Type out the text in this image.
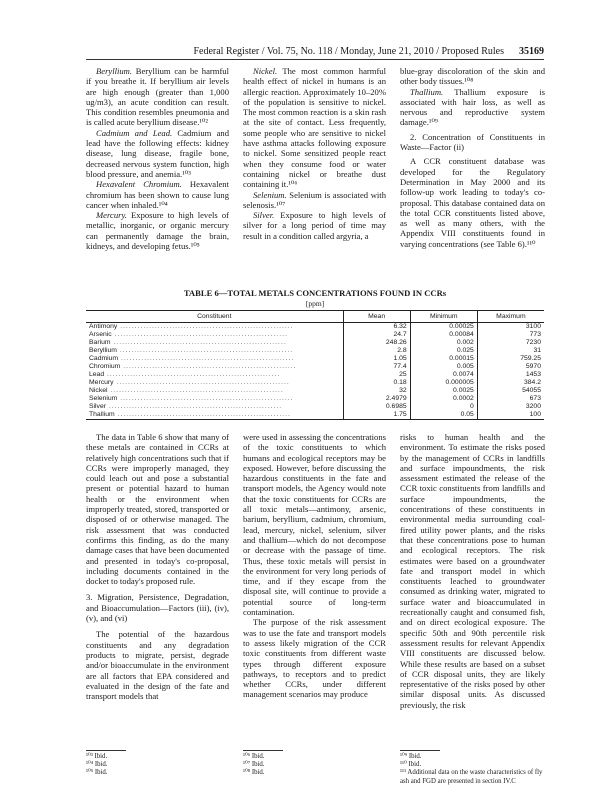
Federal Register / Vol. 75, No. 118 / Monday, June 21, 2010 / Proposed Rules 35169

Beryllium. Beryllium can be harmful if you breathe it. If beryllium air levels are high enough (greater than 1,000 ug/m3), an acute condition can result. This condition resembles pneumonia and is called acute beryllium disease.¹⁰²

Cadmium and Lead. Cadmium and lead have the following effects: kidney disease, lung disease, fragile bone, decreased nervous system function, high blood pressure, and anemia.¹⁰³

Hexavalent Chromium. Hexavalent chromium has been shown to cause lung cancer when inhaled.¹⁰⁴

Mercury. Exposure to high levels of metallic, inorganic, or organic mercury can permanently damage the brain, kidneys, and developing fetus.¹⁰⁵

Nickel. The most common harmful health effect of nickel in humans is an allergic reaction. Approximately 10–20% of the population is sensitive to nickel. The most common reaction is a skin rash at the site of contact. Less frequently, some people who are sensitive to nickel have asthma attacks following exposure to nickel. Some sensitized people react when they consume food or water containing nickel or breathe dust containing it.¹⁰⁶

Selenium. Selenium is associated with selenosis.¹⁰⁷

Silver. Exposure to high levels of silver for a long period of time may result in a condition called argyria, a

blue-gray discoloration of the skin and other body tissues.¹⁰⁸

Thallium. Thallium exposure is associated with hair loss, as well as nervous and reproductive system damage.¹⁰⁹

2. Concentration of Constituents in Waste—Factor (ii)

A CCR constituent database was developed for the Regulatory Determination in May 2000 and its follow-up work leading to today's co-proposal. This database contained data on the total CCR constituents listed above, as well as many others, with the Appendix VIII constituents found in varying concentrations (see Table 6).¹¹⁰

TABLE 6—TOTAL METALS CONCENTRATIONS FOUND IN CCRs
[ppm]
Constituent	Mean	Minimum	Maximum
Antimony ............................................................	6.32	0.00025	3100
Arsenic ............................................................	24.7	0.00084	773
Barium ............................................................	248.26	0.002	7230
Beryllium ............................................................	2.8	0.025	31
Cadmium ............................................................	1.05	0.00015	759.25
Chromium ............................................................	77.4	0.005	5970
Lead ............................................................	25	0.0074	1453
Mercury ............................................................	0.18	0.000005	384.2
Nickel ............................................................	32	0.0025	54055
Selenium ............................................................	2.4979	0.0002	673
Silver ............................................................	0.6985	0	3200
Thallium ............................................................	1.75	0.05	100

The data in Table 6 show that many of these metals are contained in CCRs at relatively high concentrations such that if CCRs were improperly managed, they could leach out and pose a substantial present or potential hazard to human health or the environment when improperly treated, stored, transported or disposed of or otherwise managed. The risk assessment that was conducted confirms this finding, as do the many damage cases that have been documented and presented in today's co-proposal, including documents contained in the docket to today's proposed rule.

3. Migration, Persistence, Degradation, and Bioaccumulation—Factors (iii), (iv), (v), and (vi)

The potential of the hazardous constituents and any degradation products to migrate, persist, degrade and/or bioaccumulate in the environment are all factors that EPA considered and evaluated in the design of the fate and transport models that

were used in assessing the concentrations of the toxic constituents to which humans and ecological receptors may be exposed. However, before discussing the hazardous constituents in the fate and transport models, the Agency would note that the toxic constituents for CCRs are all toxic metals—antimony, arsenic, barium, beryllium, cadmium, chromium, lead, mercury, nickel, selenium, silver and thallium—which do not decompose or decrease with the passage of time. Thus, these toxic metals will persist in the environment for very long periods of time, and if they escape from the disposal site, will continue to provide a potential source of long-term contamination.

The purpose of the risk assessment was to use the fate and transport models to assess likely migration of the CCR toxic constituents from different waste types through different exposure pathways, to receptors and to predict whether CCRs, under different management scenarios may produce

risks to human health and the environment. To estimate the risks posed by the management of CCRs in landfills and surface impoundments, the risk assessment estimated the release of the CCR toxic constituents from landfills and surface impoundments, the concentrations of these constituents in environmental media surrounding coal-fired utility power plants, and the risks that these concentrations pose to human and ecological receptors. The risk estimates were based on a groundwater fate and transport model in which constituents leached to groundwater consumed as drinking water, migrated to surface water and bioaccumulated in recreationally caught and consumed fish, and on direct ecological exposure. The specific 50th and 90th percentile risk assessment results for relevant Appendix VIII constituents are discussed below. While these results are based on a subset of CCR disposal units, they are likely representative of the risks posed by other similar disposal units. As discussed previously, the risk

¹⁰³ Ibid.
¹⁰⁴ Ibid.
¹⁰⁵ Ibid.
¹⁰⁶ Ibid.
¹⁰⁷ Ibid.
¹⁰⁸ Ibid.
¹⁰⁹ Ibid.
¹¹⁰ Ibid.
¹¹¹ Additional data on the waste characteristics of fly ash and FGD are presented in section IV.C
